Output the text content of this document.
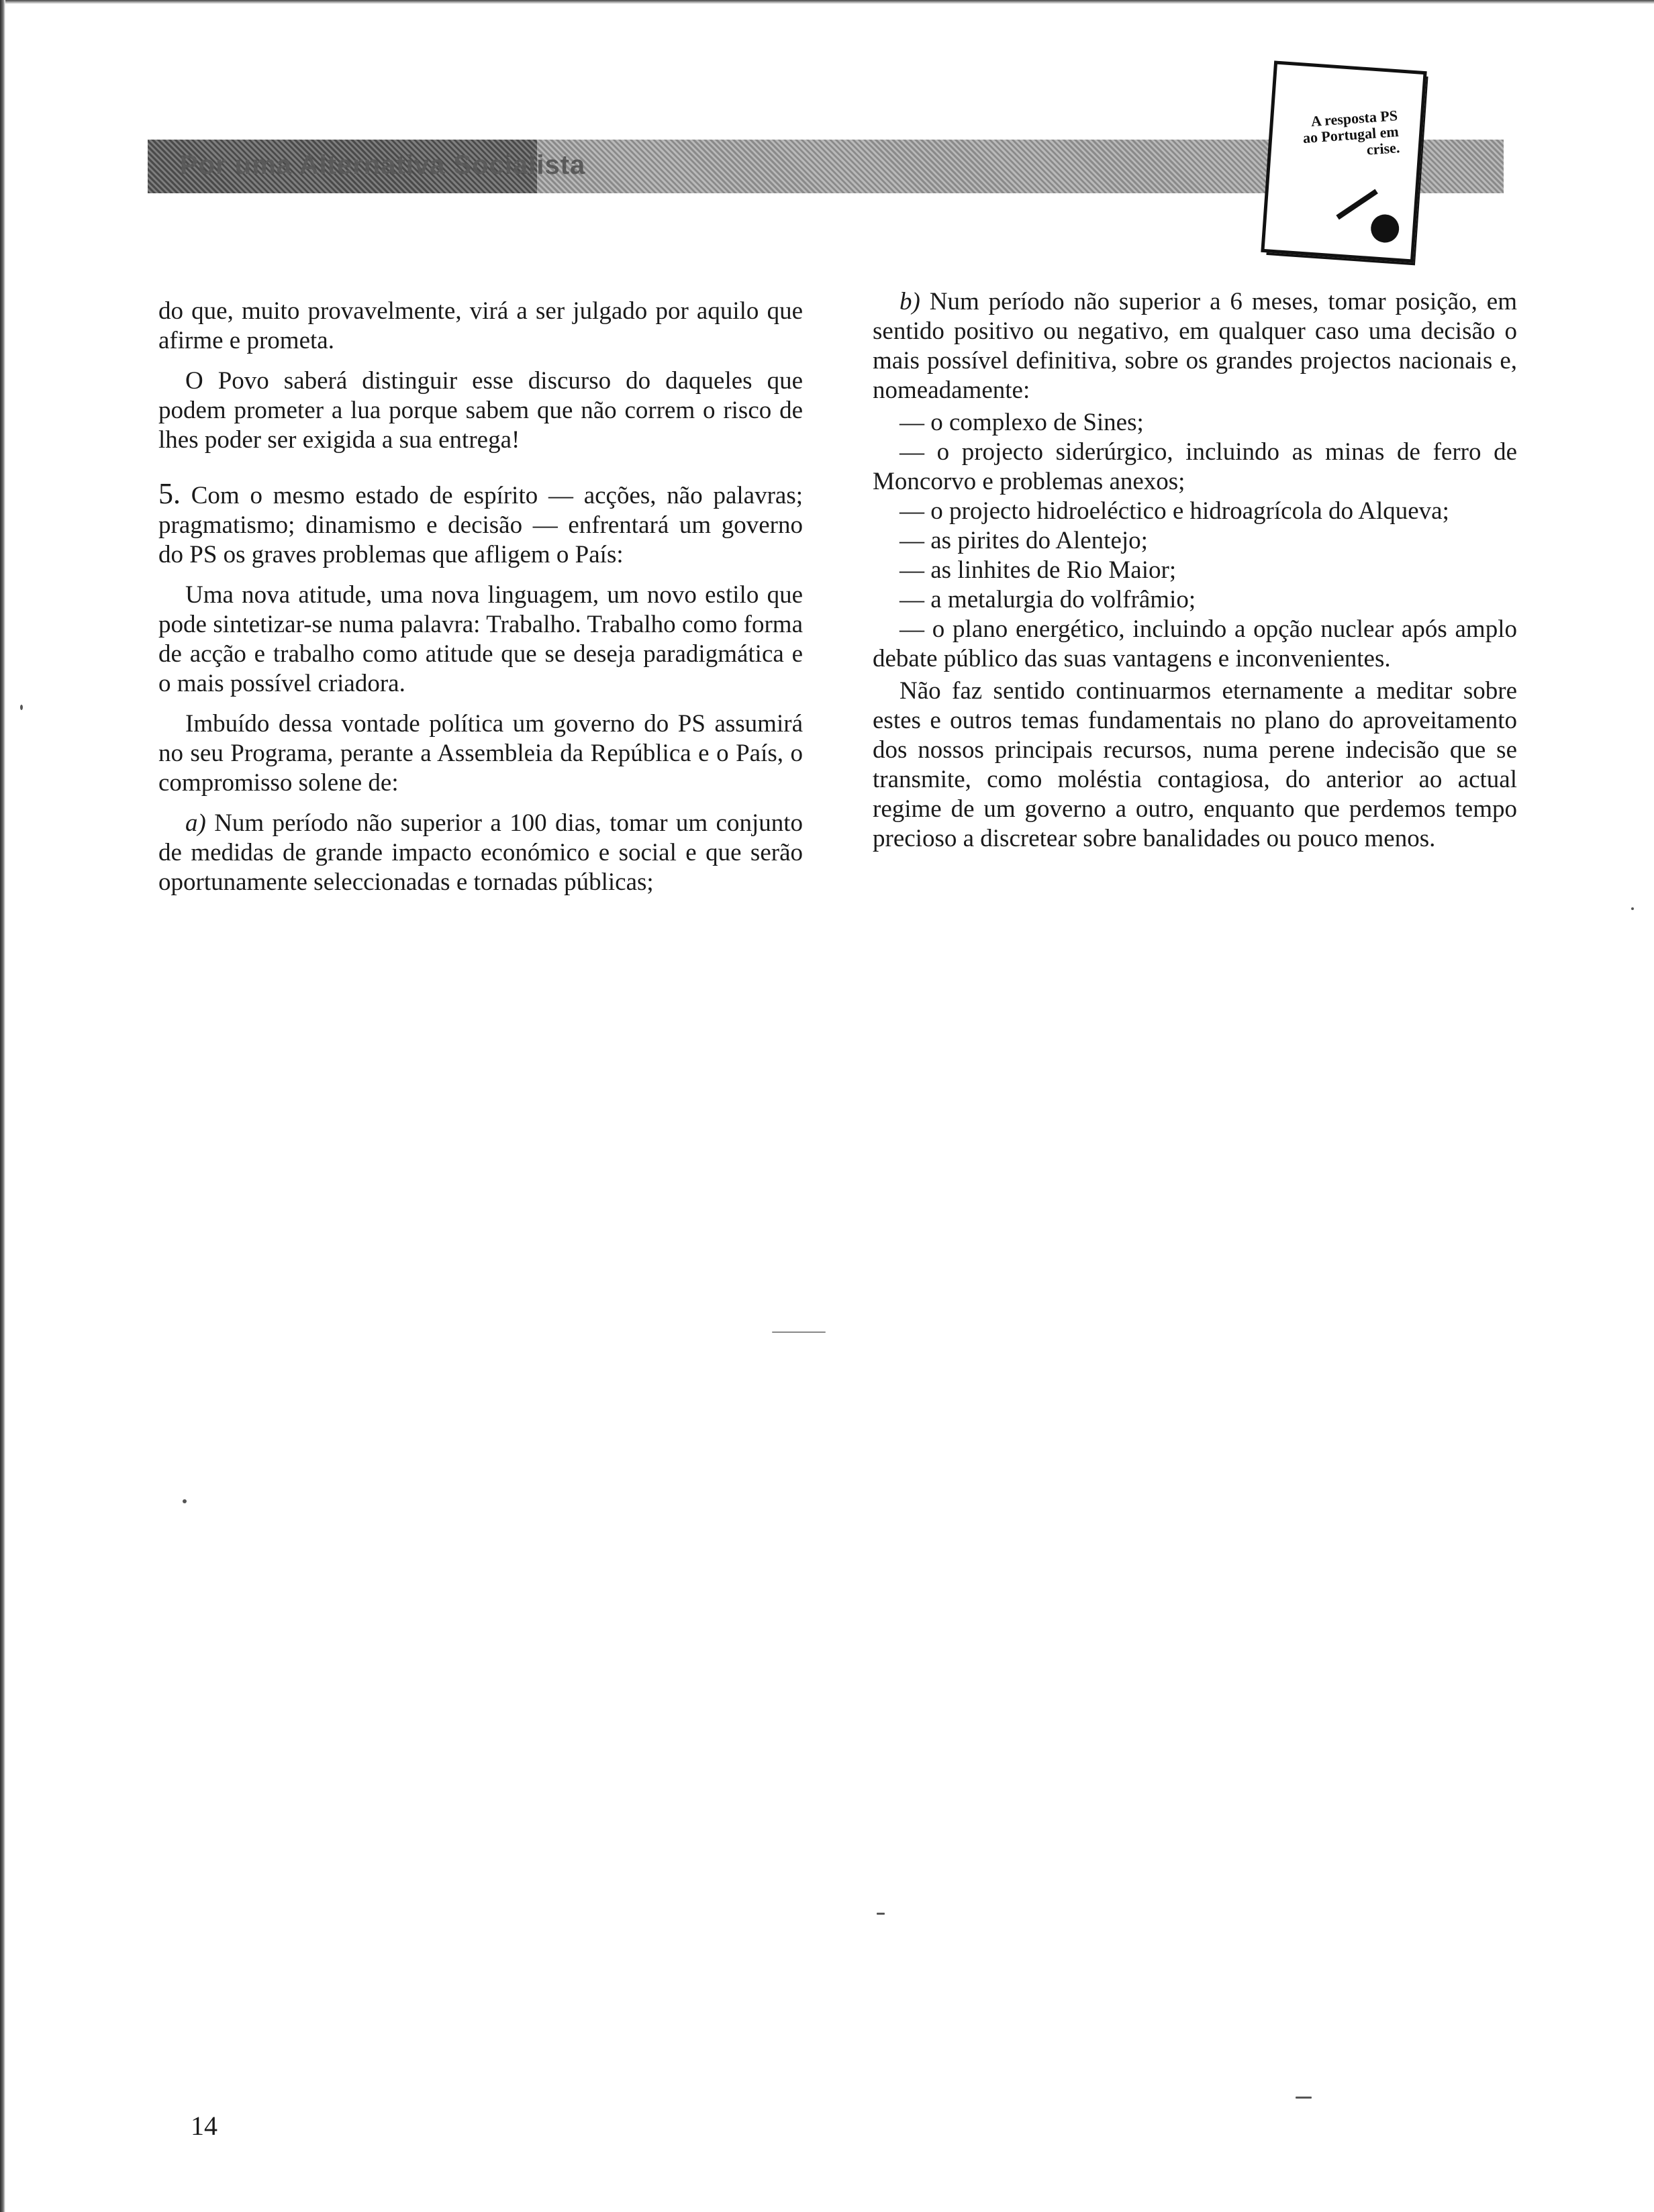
Por uma Alternativa Socialista
A resposta PS ao Portugal em crise.

do que, muito provavelmente, virá a ser julgado por aquilo que afirme e prometa.

O Povo saberá distinguir esse discurso do daqueles que podem prometer a lua porque sabem que não correm o risco de lhes poder ser exigida a sua entrega!

5. Com o mesmo estado de espírito — acções, não palavras; pragmatismo; dinamismo e decisão — enfrentará um governo do PS os graves problemas que afligem o País:

Uma nova atitude, uma nova linguagem, um novo estilo que pode sintetizar-se numa palavra: Trabalho. Trabalho como forma de acção e trabalho como atitude que se deseja paradigmática e o mais possível criadora.

Imbuído dessa vontade política um governo do PS assumirá no seu Programa, perante a Assembleia da República e o País, o compromisso solene de:

a) Num período não superior a 100 dias, tomar um conjunto de medidas de grande impacto económico e social e que serão oportunamente seleccionadas e tornadas públicas;

b) Num período não superior a 6 meses, tomar posição, em sentido positivo ou negativo, em qualquer caso uma decisão o mais possível definitiva, sobre os grandes projectos nacionais e, nomeadamente:

— o complexo de Sines;

— o projecto siderúrgico, incluindo as minas de ferro de Moncorvo e problemas anexos;

— o projecto hidroeléctico e hidroagrícola do Alqueva;

— as pirites do Alentejo;

— as linhites de Rio Maior;

— a metalurgia do volfrâmio;

— o plano energético, incluindo a opção nuclear após amplo debate público das suas vantagens e inconvenientes.

Não faz sentido continuarmos eternamente a meditar sobre estes e outros temas fundamentais no plano do aproveitamento dos nossos principais recursos, numa perene indecisão que se transmite, como moléstia contagiosa, do anterior ao actual regime de um governo a outro, enquanto que perdemos tempo precioso a discretear sobre banalidades ou pouco menos.

14
